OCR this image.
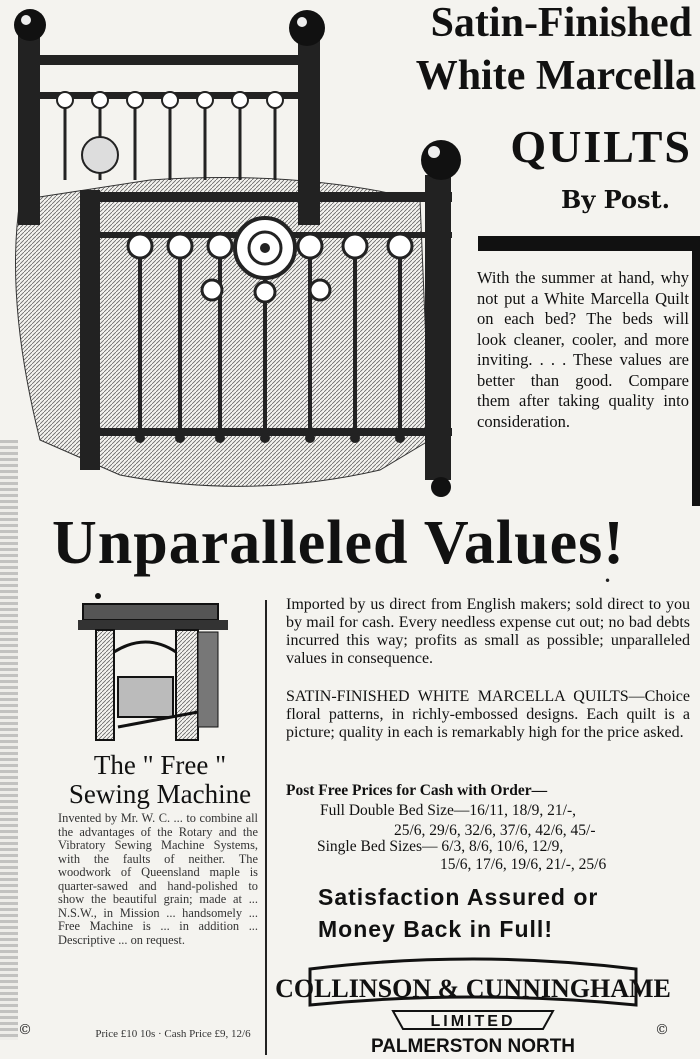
Satin-Finished
White Marcella
QUILTS
By Post.
With the summer at hand, why not put a White Marcella Quilt on each bed? The beds will look cleaner, cooler, and more inviting. . . . These values are better than good. Compare them after taking quality into consideration.
Unparalleled Values!
The " Free "
Sewing Machine
Invented by Mr. W. C. ... to combine all the advantages of the Rotary and the Vibratory Sewing Machine Systems, with the faults of neither. The woodwork of Queensland maple is quarter-sawed and hand-polished to show the beautiful grain; made at ... N.S.W., in Mission ... handsomely ... Free Machine is ... in addition ... Descriptive ... on request.
Price £10 10s · Cash Price £9, 12/6
Imported by us direct from English makers; sold direct to you by mail for cash. Every needless expense cut out; no bad debts incurred this way; profits as small as possible; unparalleled values in consequence.
SATIN-FINISHED WHITE MARCELLA QUILTS—Choice floral patterns, in richly-embossed designs. Each quilt is a picture; quality in each is remarkably high for the price asked.
Post Free Prices for Cash with Order—
Full Double Bed Size—16/11, 18/9, 21/-,
25/6, 29/6, 32/6, 37/6, 42/6, 45/-
Single Bed Sizes— 6/3, 8/6, 10/6, 12/9,
15/6, 17/6, 19/6, 21/-, 25/6
Satisfaction Assured or
Money Back in Full!
COLLINSON & CUNNINGHAME
LIMITED
PALMERSTON NORTH
©	©
•
